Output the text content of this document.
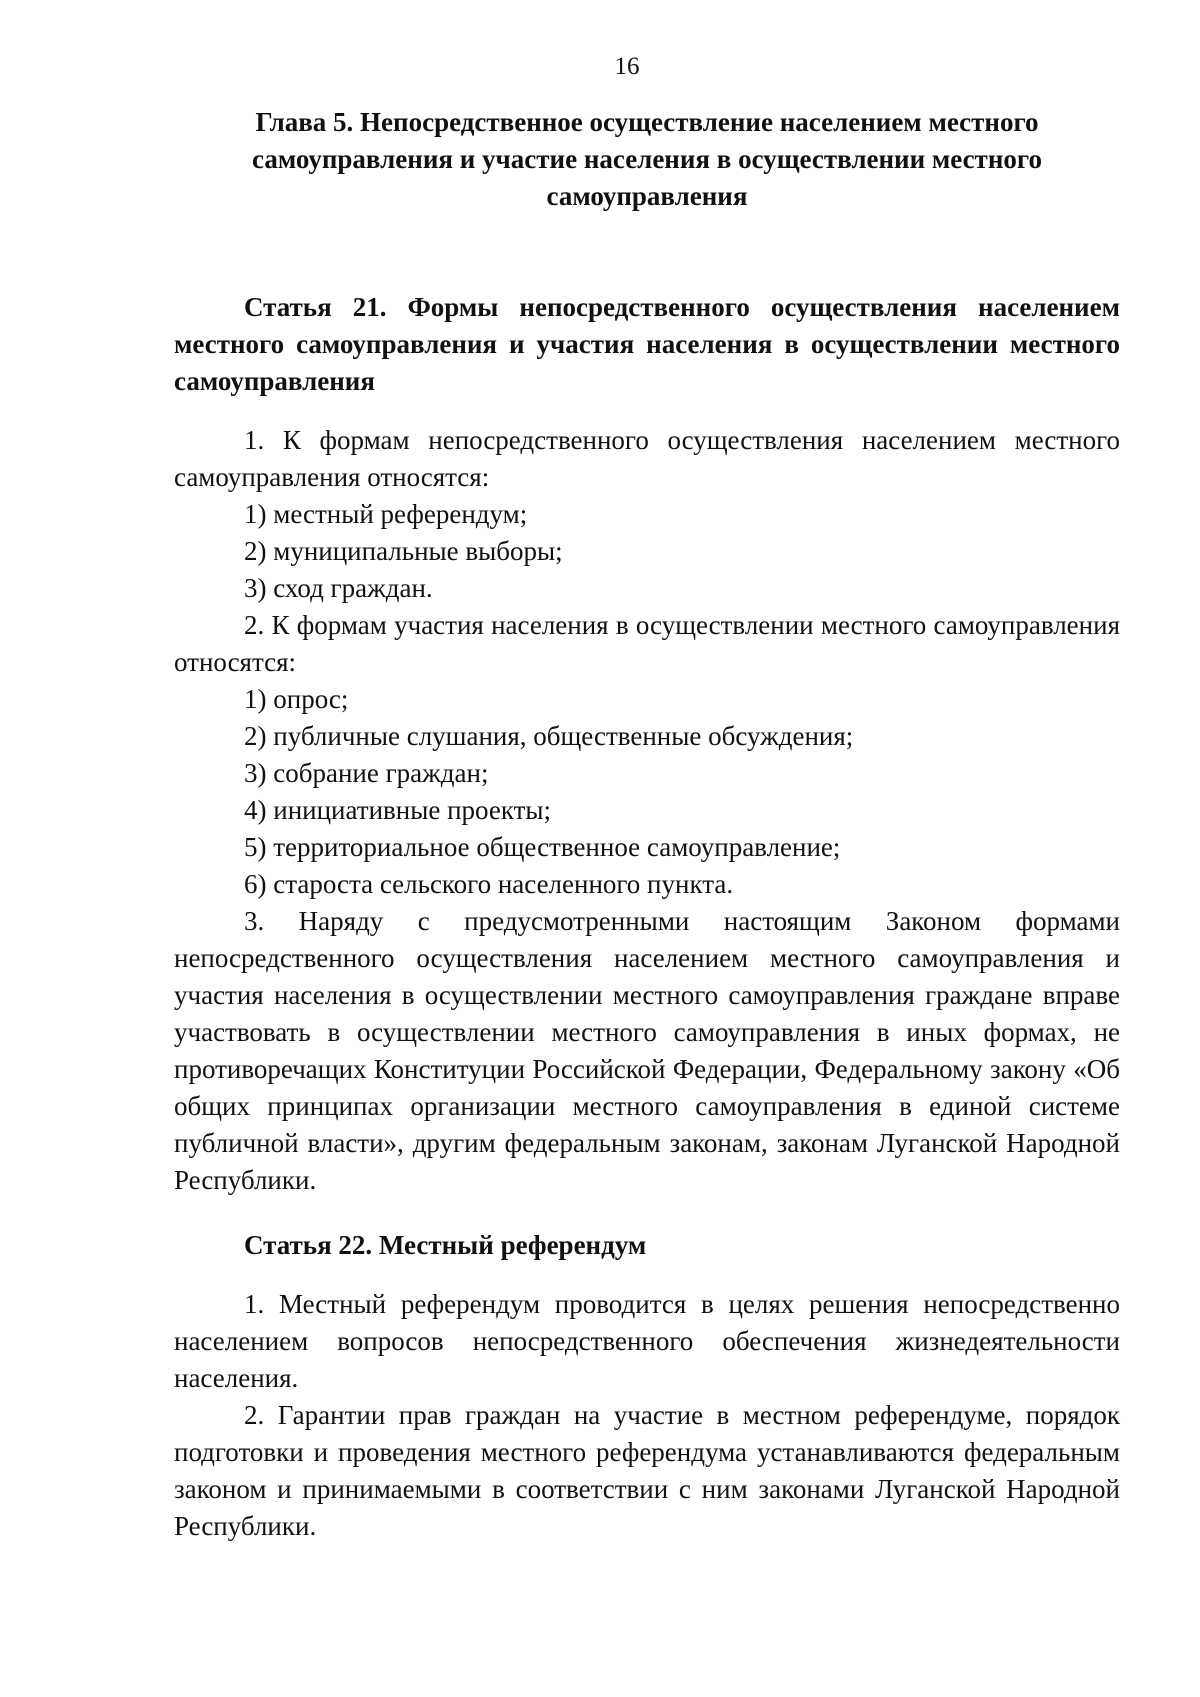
16
Глава 5. Непосредственное осуществление населением местного самоуправления и участие населения в осуществлении местного самоуправления
Статья 21. Формы непосредственного осуществления населением местного самоуправления и участия населения в осуществлении местного самоуправления

1. К формам непосредственного осуществления населением местного самоуправления относятся:

1) местный референдум;

2) муниципальные выборы;

3) сход граждан.

2. К формам участия населения в осуществлении местного самоуправления относятся:

1) опрос;

2) публичные слушания, общественные обсуждения;

3) собрание граждан;

4) инициативные проекты;

5) территориальное общественное самоуправление;

6) староста сельского населенного пункта.

3. Наряду с предусмотренными настоящим Законом формами непосредственного осуществления населением местного самоуправления и участия населения в осуществлении местного самоуправления граждане вправе участвовать в осуществлении местного самоуправления в иных формах, не противоречащих Конституции Российской Федерации, Федеральному закону «Об общих принципах организации местного самоуправления в единой системе публичной власти», другим федеральным законам, законам Луганской Народной Республики.

Статья 22. Местный референдум

1. Местный референдум проводится в целях решения непосредственно населением вопросов непосредственного обеспечения жизнедеятельности населения.

2. Гарантии прав граждан на участие в местном референдуме, порядок подготовки и проведения местного референдума устанавливаются федеральным законом и принимаемыми в соответствии с ним законами Луганской Народной Республики.
